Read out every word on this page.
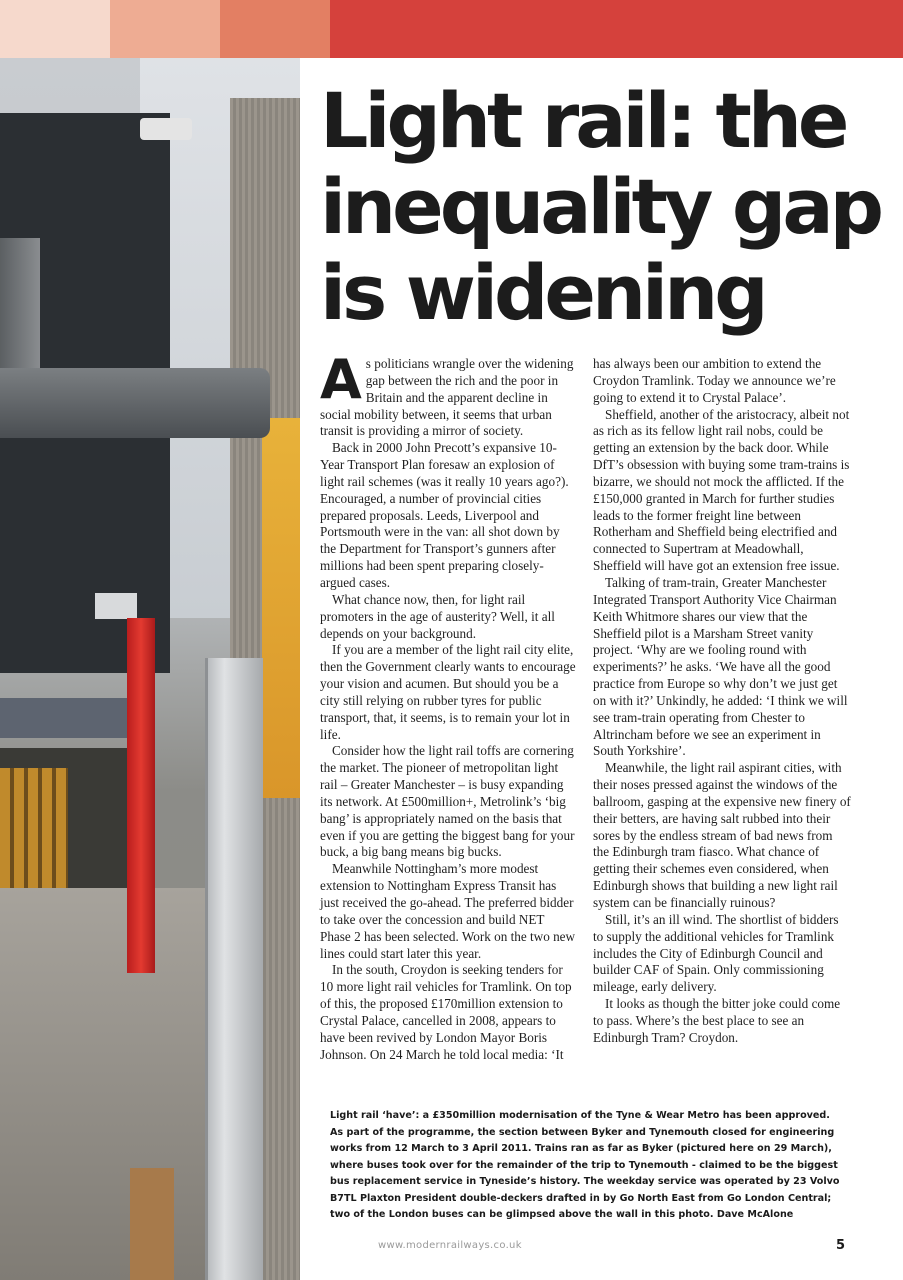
Light rail: the
inequality gap
is widening

As politicians wrangle over the widening gap between the rich and the poor in Britain and the apparent decline in social mobility between, it seems that urban transit is providing a mirror of society.

Back in 2000 John Precott’s expansive 10-Year Transport Plan foresaw an explosion of light rail schemes (was it really 10 years ago?). Encouraged, a number of provincial cities prepared proposals. Leeds, Liverpool and Portsmouth were in the van: all shot down by the Department for Transport’s gunners after millions had been spent preparing closely-argued cases.

What chance now, then, for light rail promoters in the age of austerity? Well, it all depends on your background.

If you are a member of the light rail city elite, then the Government clearly wants to encourage your vision and acumen. But should you be a city still relying on rubber tyres for public transport, that, it seems, is to remain your lot in life.

Consider how the light rail toffs are cornering the market. The pioneer of metropolitan light rail – Greater Manchester – is busy expanding its network. At £500million+, Metrolink’s ‘big bang’ is appropriately named on the basis that even if you are getting the biggest bang for your buck, a big bang means big bucks.

Meanwhile Nottingham’s more modest extension to Nottingham Express Transit has just received the go-ahead. The preferred bidder to take over the concession and build NET Phase 2 has been selected. Work on the two new lines could start later this year.

In the south, Croydon is seeking tenders for 10 more light rail vehicles for Tramlink. On top of this, the proposed £170million extension to Crystal Palace, cancelled in 2008, appears to have been revived by London Mayor Boris Johnson. On 24 March he told local media: ‘It

has always been our ambition to extend the Croydon Tramlink. Today we announce we’re going to extend it to Crystal Palace’.

Sheffield, another of the aristocracy, albeit not as rich as its fellow light rail nobs, could be getting an extension by the back door. While DfT’s obsession with buying some tram-trains is bizarre, we should not mock the afflicted. If the £150,000 granted in March for further studies leads to the former freight line between Rotherham and Sheffield being electrified and connected to Supertram at Meadowhall, Sheffield will have got an extension free issue.

Talking of tram-train, Greater Manchester Integrated Transport Authority Vice Chairman Keith Whitmore shares our view that the Sheffield pilot is a Marsham Street vanity project. ‘Why are we fooling round with experiments?’ he asks. ‘We have all the good practice from Europe so why don’t we just get on with it?’ Unkindly, he added: ‘I think we will see tram-train operating from Chester to Altrincham before we see an experiment in South Yorkshire’.

Meanwhile, the light rail aspirant cities, with their noses pressed against the windows of the ballroom, gasping at the expensive new finery of their betters, are having salt rubbed into their sores by the endless stream of bad news from the Edinburgh tram fiasco. What chance of getting their schemes even considered, when Edinburgh shows that building a new light rail system can be financially ruinous?

Still, it’s an ill wind. The shortlist of bidders to supply the additional vehicles for Tramlink includes the City of Edinburgh Council and builder CAF of Spain. Only commissioning mileage, early delivery.

It looks as though the bitter joke could come to pass. Where’s the best place to see an Edinburgh Tram? Croydon.

Light rail ‘have’: a £350million modernisation of the Tyne & Wear Metro has been approved. As part of the programme, the section between Byker and Tynemouth closed for engineering works from 12 March to 3 April 2011. Trains ran as far as Byker (pictured here on 29 March), where buses took over for the remainder of the trip to Tynemouth - claimed to be the biggest bus replacement service in Tyneside’s history. The weekday service was operated by 23 Volvo B7TL Plaxton President double-deckers drafted in by Go North East from Go London Central; two of the London buses can be glimpsed above the wall in this photo. Dave McAlone
www.modernrailways.co.uk	5
